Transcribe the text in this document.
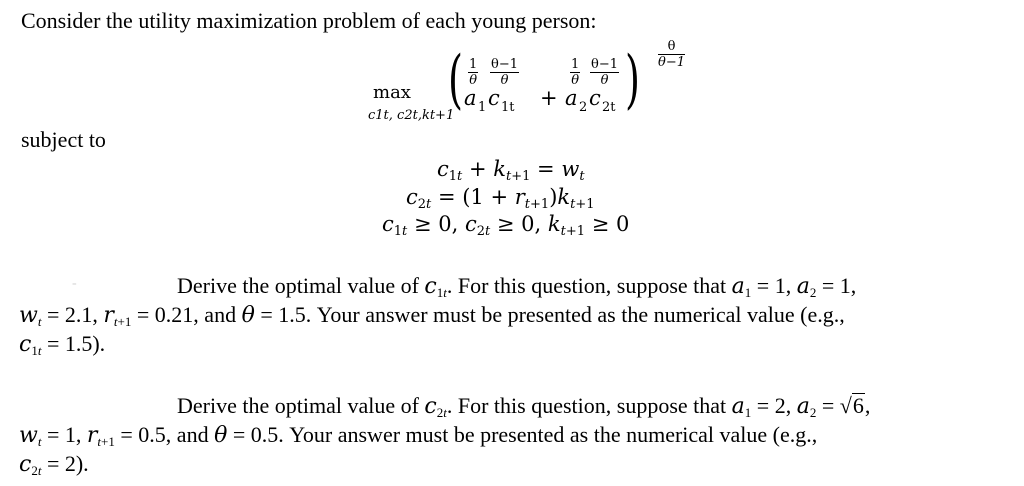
Consider the utility maximization problem of each young person:
max
c1t, c2t,kt+1
( $\frac{1}{\theta}$
a 1
$\frac{\theta-1}{\theta}$
c 1t +
$\frac{1}{\theta}$
a 2
$\frac{\theta-1}{\theta}$
c 2t ) $\frac{\theta}{\theta-1}$
subject to
c1t + kt+1 = wt
c2t = (1 + rt+1)kt+1
c1t ≥ 0, c2t ≥ 0, kt+1 ≥ 0
-	Derive the optimal value of c1t. For this question, suppose that a1 = 1, a2 = 1,
wt = 2.1, rt+1 = 0.21, and θ = 1.5. Your answer must be presented as the numerical value (e.g.,
c1t = 1.5).
Derive the optimal value of c2t. For this question, suppose that a1 = 2, a2 = √6,
wt = 1, rt+1 = 0.5, and θ = 0.5. Your answer must be presented as the numerical value (e.g.,
c2t = 2).
